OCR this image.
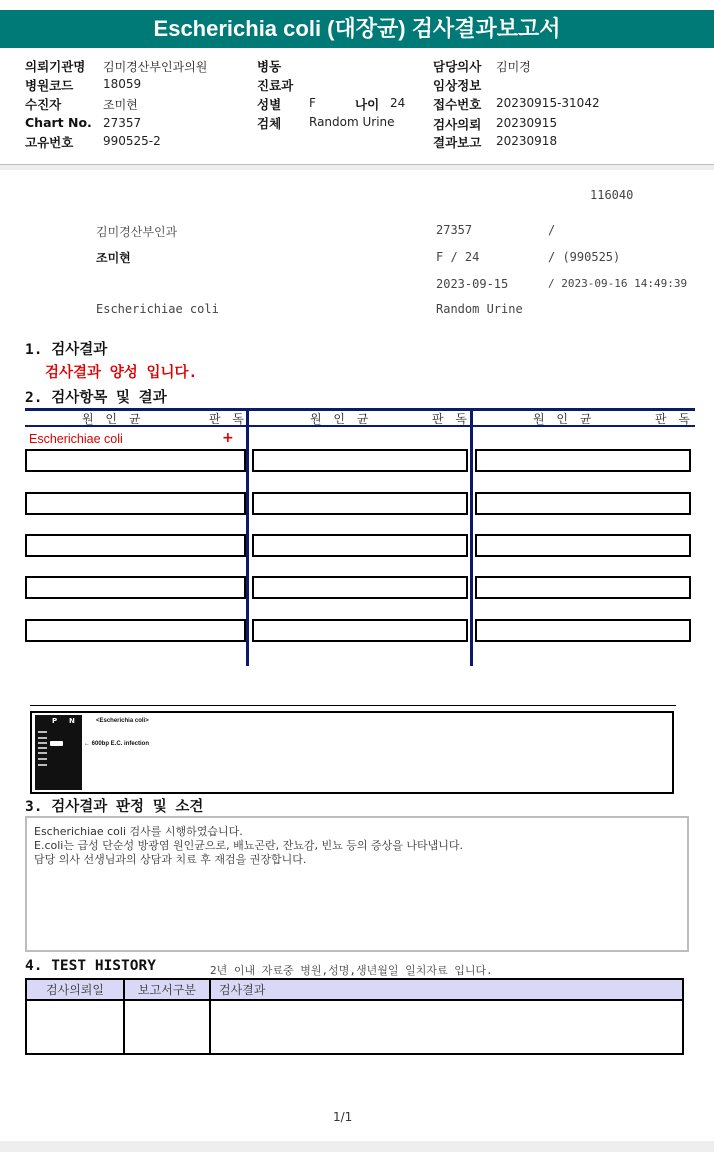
Escherichia coli (대장균) 검사결과보고서
의뢰기관명 김미경산부인과의원
병원코드 18059
수진자	조미현
Chart No. 27357
고유번호 990525-2
병동
진료과
성별 F	나이 24
검체 Random Urine
담당의사 김미경
임상정보
접수번호 20230915-31042
검사의뢰 20230915
결과보고 20230918
116040
김미경산부인과	27357	/
조미현	F / 24	/ (990525)
2023-09-15	/ 2023-09-16 14:49:39
Escherichiae coli	Random Urine
1. 검사결과
검사결과 양성 입니다.
2. 검사항목 및 결과
원 인 균	판 독	원 인 균	판 독	원 인 균	판 독
Escherichiae coli	+
P N	<Escherichia coli>
← 600bp E.C. infection
3. 검사결과 판정 및 소견
Escherichiae coli 검사를 시행하였습니다.
E.coli는 급성 단순성 방광염 원인균으로, 배뇨곤란, 잔뇨감, 빈뇨 등의 증상을 나타냅니다.
담당 의사 선생님과의 상담과 치료 후 재검을 권장합니다.
4. TEST HISTORY	2년 이내 자료중 병원,성명,생년월일 일치자료 입니다.
검사의뢰일	보고서구분	검사결과

1/1
